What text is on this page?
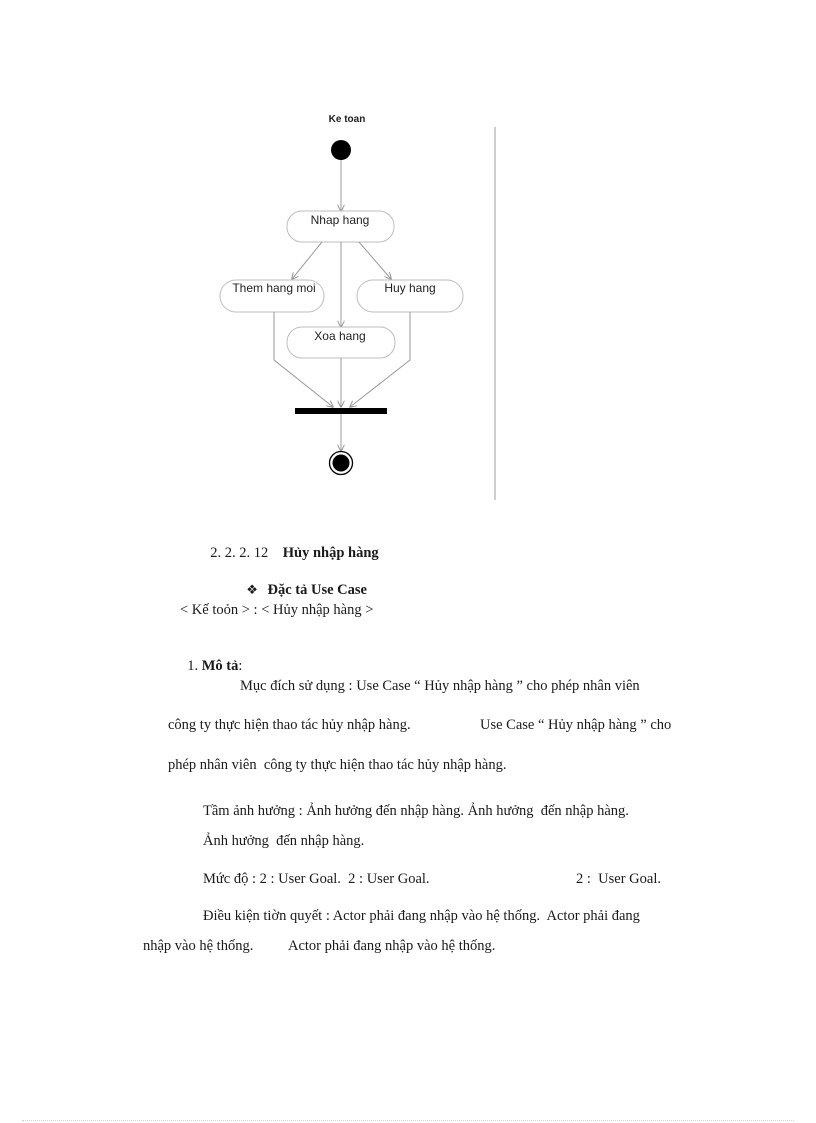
Ke toan
Nhap hang
Them hang moi	Huy hang
Xoa hang

2. 2. 2. 12 Hủy nhập hàng

❖ Đặc tả Use Case

< Kế toỏn > : < Hủy nhập hàng >

1. Mô tả:

Mục đích sử dụng : Use Case “ Hủy nhập hàng ” cho phép nhân viên
công ty thực hiện thao tác hủy nhập hàng.	Use Case “ Hủy nhập hàng ” cho
phép nhân viên  công ty thực hiện thao tác hủy nhập hàng.
Tầm ảnh hưởng : Ảnh hưởng đến nhập hàng. Ảnh hưởng  đến nhập hàng.
Ảnh hưởng  đến nhập hàng.
Mức độ : 2 : User Goal.  2 : User Goal.	2 :  User Goal.
Điều kiện tiờn quyết : Actor phải đang nhập vào hệ thống.  Actor phải đang
nhập vào hệ thống. Actor phải đang nhập vào hệ thống.
